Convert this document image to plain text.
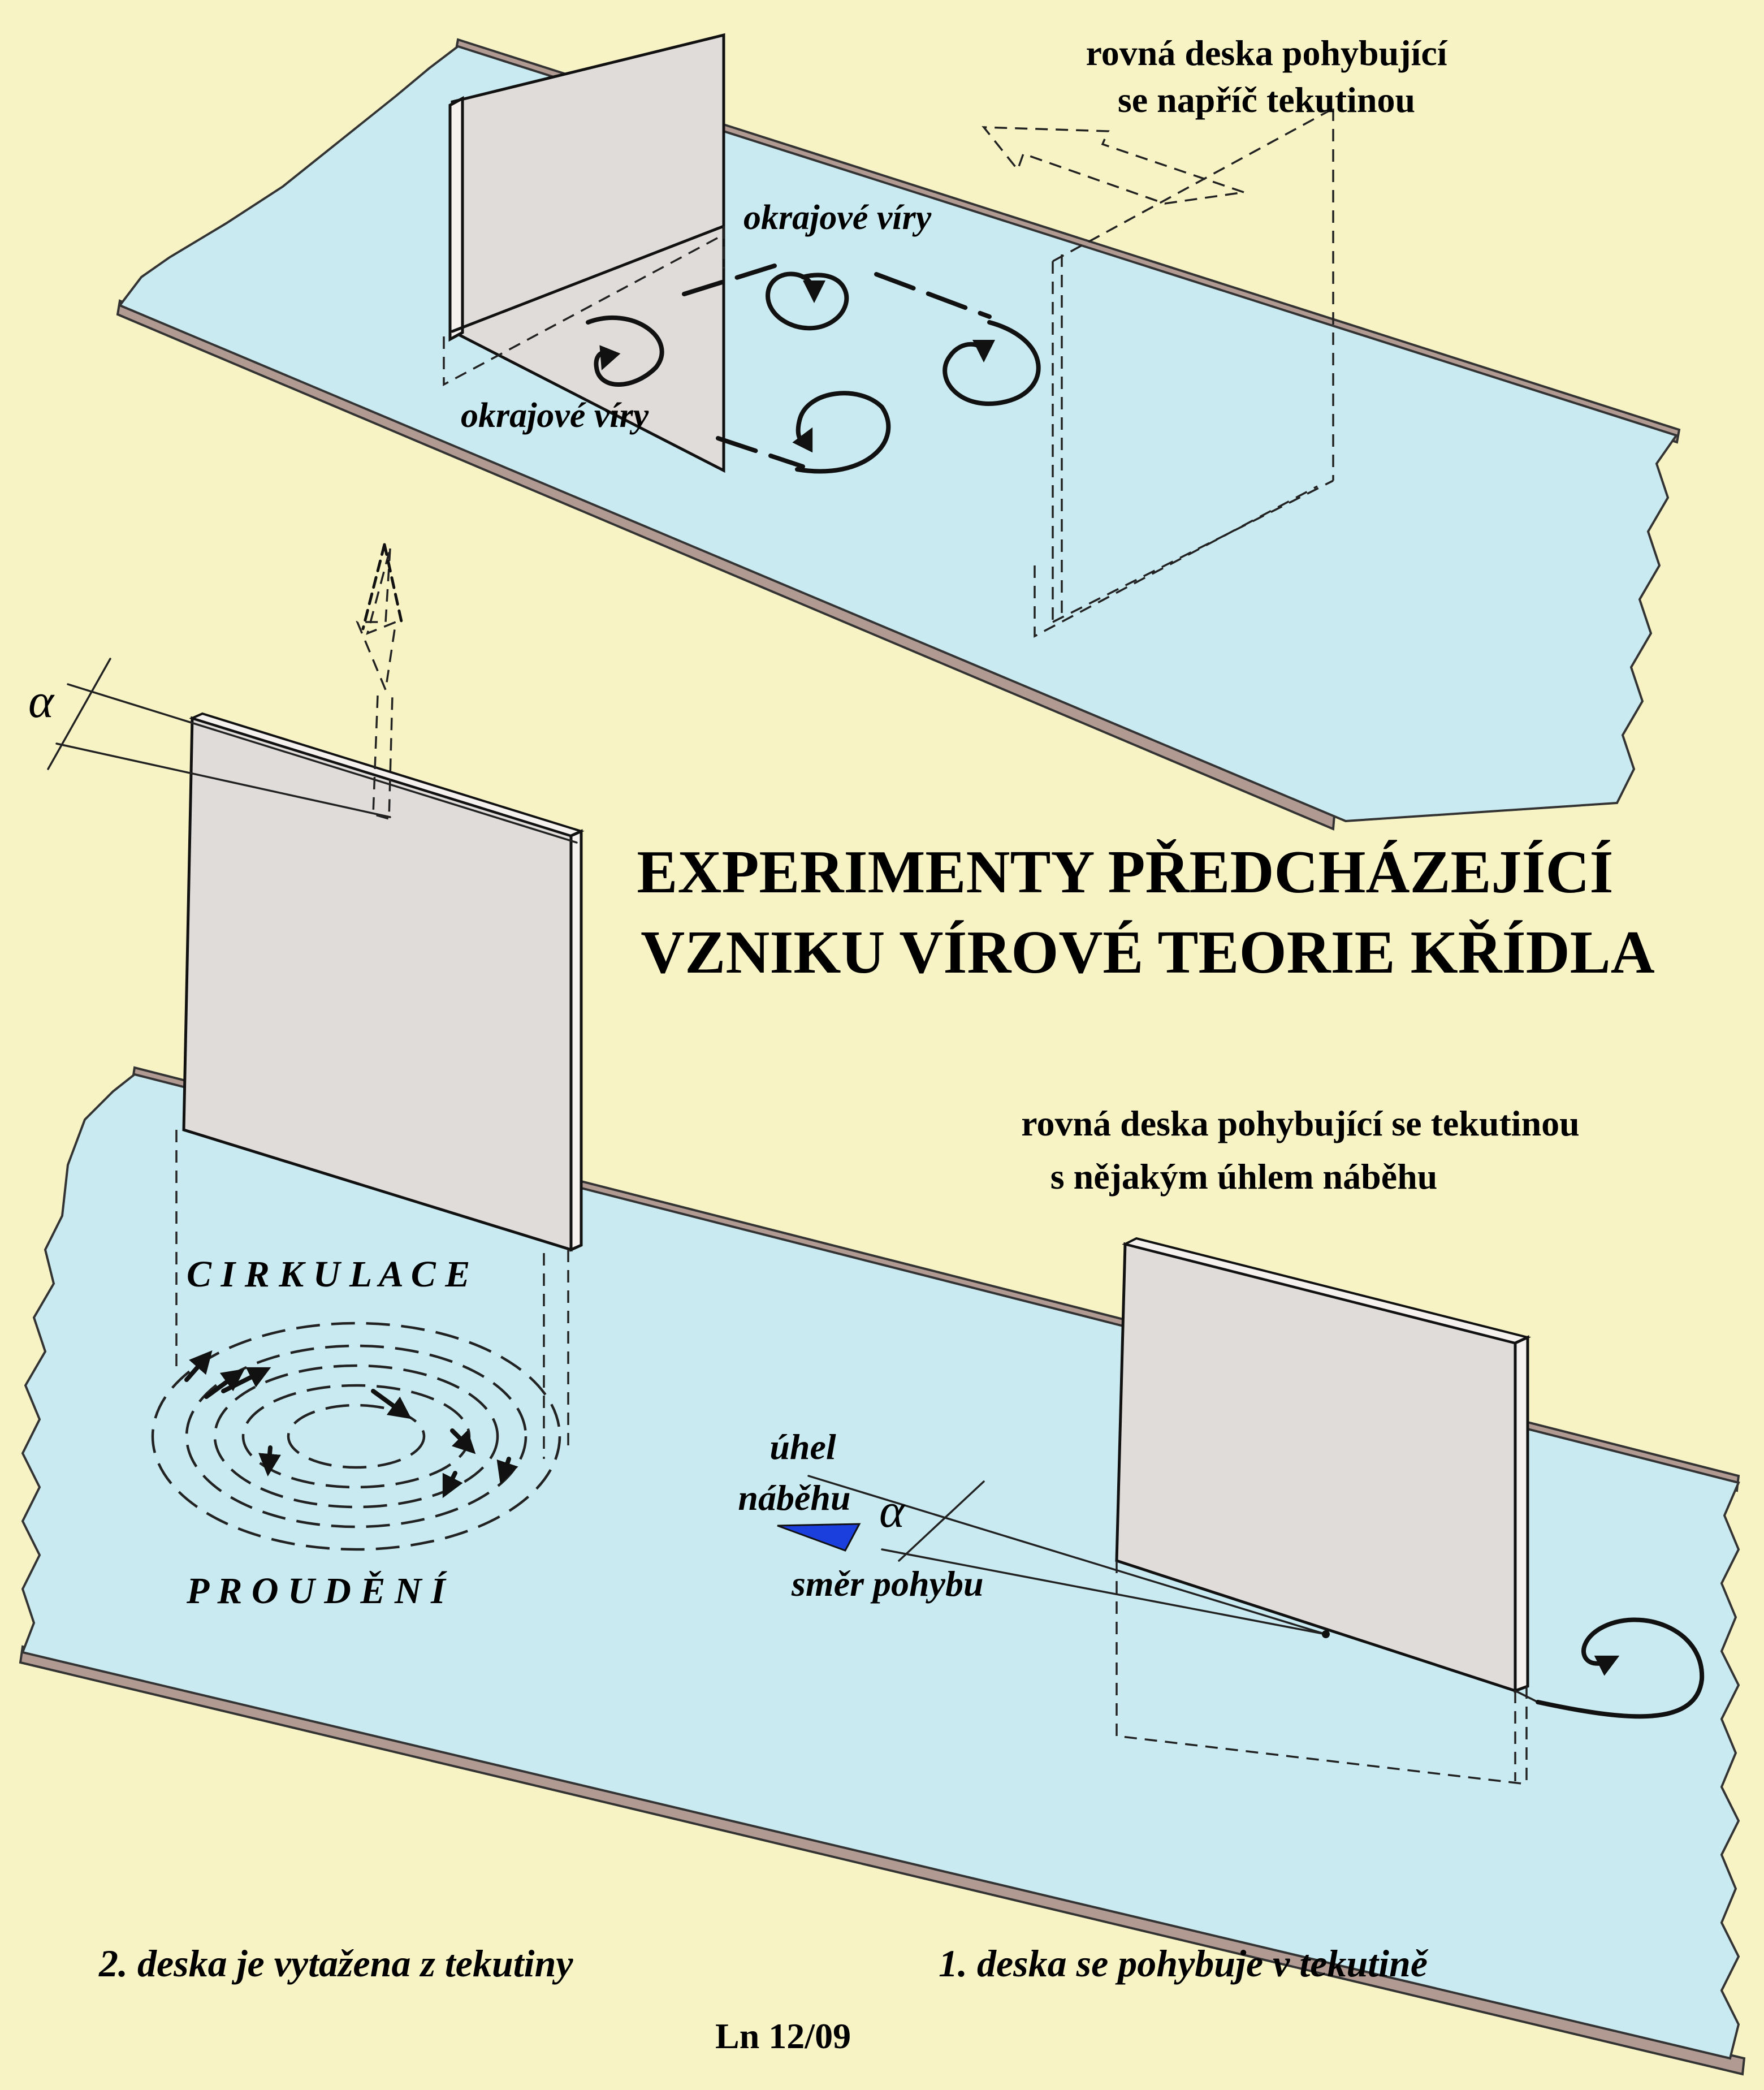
rovná deska pohybující
se napříč tekutinou
okrajové víry
okrajové víry
EXPERIMENTY PŘEDCHÁZEJÍCÍ
VZNIKU VÍROVÉ TEORIE KŘÍDLA
α
C I R K U L A C E
P R O U D Ě N Í
α
rovná deska pohybující se tekutinou
s nějakým úhlem náběhu
úhel
náběhu
směr pohybu
2. deska je vytažena z tekutiny	1. deska se pohybuje v tekutině
Ln 12/09
